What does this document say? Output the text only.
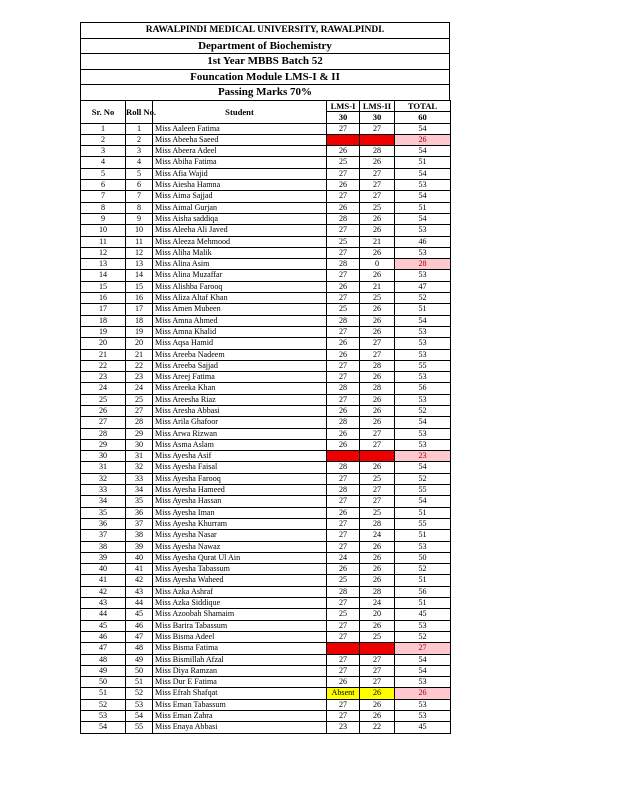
RAWALPINDI MEDICAL UNIVERSITY, RAWALPINDI.
Department of Biochemistry
1st Year MBBS Batch 52
Founcation Module LMS-I & II
Passing Marks 70%
Sr. No	Roll No.	Student	LMS-I	LMS-II	TOTAL
			30	30	60
1	1	Miss Aaleen Fatima	27	27	54
2	2	Miss Abeeha Saeed			26
3	3	Miss Abeera Adeel	26	28	54
4	4	Miss Abiha Fatima	25	26	51
5	5	Miss Afia Wajid	27	27	54
6	6	Miss Aiesha Hamna	26	27	53
7	7	Miss Aima Sajjad	27	27	54
8	8	Miss Aimal Gurjan	26	25	51
9	9	Miss Aisha saddiqa	28	26	54
10	10	Miss Aleeha Ali Javed	27	26	53
11	11	Miss Aleeza Mehmood	25	21	46
12	12	Miss Aliha Malik	27	26	53
13	13	Miss Alina Asim	28	0	28
14	14	Miss Alina Muzaffar	27	26	53
15	15	Miss Alishba Farooq	26	21	47
16	16	Miss Aliza Altaf Khan	27	25	52
17	17	Miss Amen Mubeen	25	26	51
18	18	Miss Amna Ahmed	28	26	54
19	19	Miss Amna Khalid	27	26	53
20	20	Miss Aqsa Hamid	26	27	53
21	21	Miss Areeba Nadeem	26	27	53
22	22	Miss Areeba Sajjad	27	28	55
23	23	Miss Areej Fatima	27	26	53
24	24	Miss Areeka Khan	28	28	56
25	25	Miss Areesha Riaz	27	26	53
26	27	Miss Aresha Abbasi	26	26	52
27	28	Miss Arila Ghafoor	28	26	54
28	29	Miss Arwa Rizwan	26	27	53
29	30	Miss Asma Aslam	26	27	53
30	31	Miss Ayesha Asif			23
31	32	Miss Ayesha Faisal	28	26	54
32	33	Miss Ayesha Farooq	27	25	52
33	34	Miss Ayesha Hameed	28	27	55
34	35	Miss Ayesha Hassan	27	27	54
35	36	Miss Ayesha Iman	26	25	51
36	37	Miss Ayesha Khurram	27	28	55
37	38	Miss Ayesha Nasar	27	24	51
38	39	Miss Ayesha Nawaz	27	26	53
39	40	Miss Ayesha Qurat Ul Ain	24	26	50
40	41	Miss Ayesha Tabassum	26	26	52
41	42	Miss Ayesha Waheed	25	26	51
42	43	Miss Azka Ashraf	28	28	56
43	44	Miss Azka Siddique	27	24	51
44	45	Miss Azoobah Shamaim	25	20	45
45	46	Miss Barira Tabassum	27	26	53
46	47	Miss Bisma Adeel	27	25	52
47	48	Miss Bisma Fatima			27
48	49	Miss Bismillah Afzal	27	27	54
49	50	Miss Diya Ramzan	27	27	54
50	51	Miss Dur E Fatima	26	27	53
51	52	Miss Efrah Shafqat	Absent	26	26
52	53	Miss Eman Tabassum	27	26	53
53	54	Miss Eman Zahra	27	26	53
54	55	Miss Enaya Abbasi	23	22	45
